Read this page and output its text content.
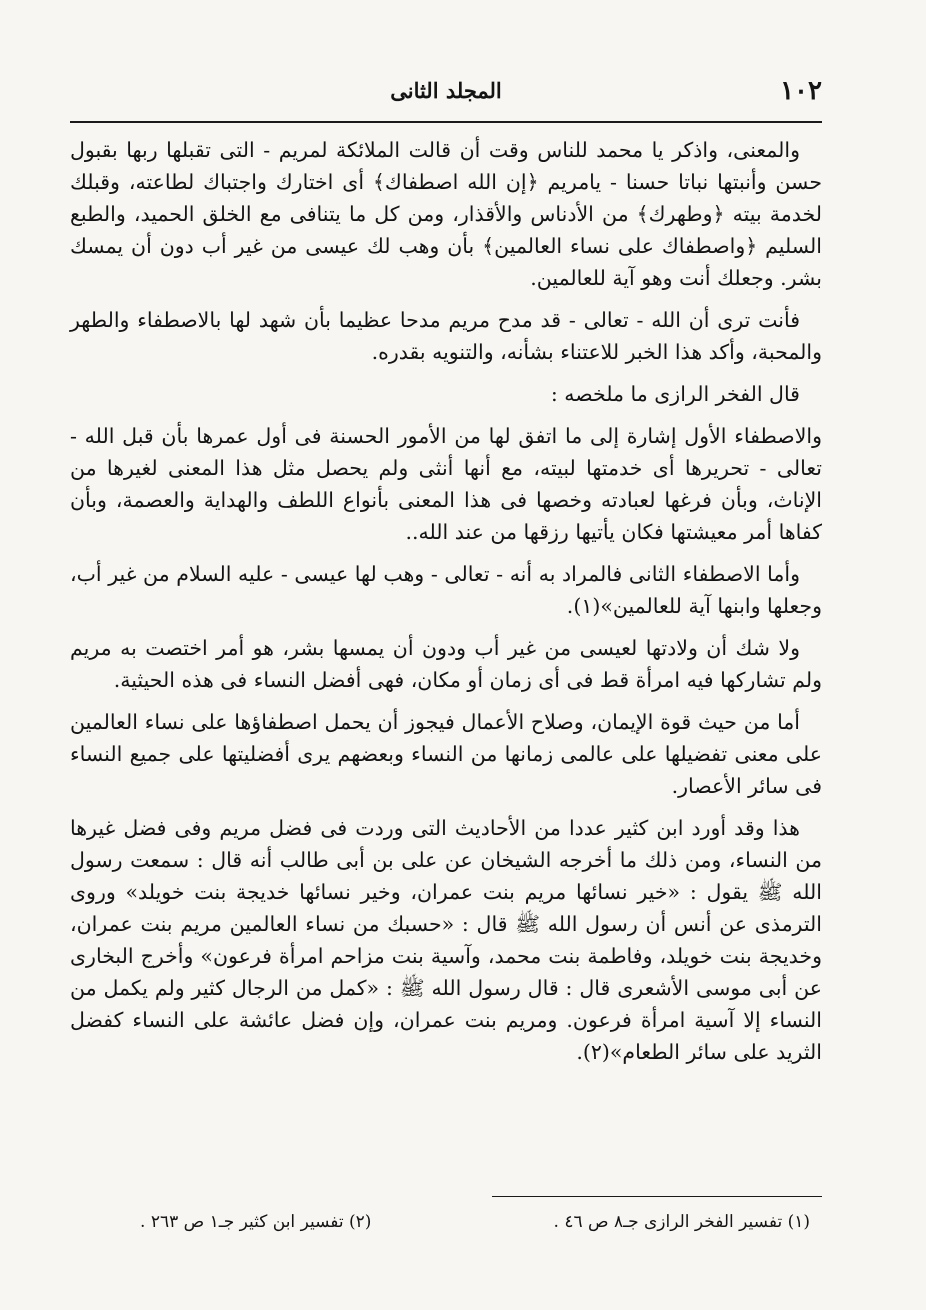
١٠٢
المجلد الثانى

والمعنى، واذكر يا محمد للناس وقت أن قالت الملائكة لمريم - التى تقبلها ربها بقبول حسن وأنبتها نباتا حسنا - يامريم ﴿إن الله اصطفاك﴾ أى اختارك واجتباك لطاعته، وقبلك لخدمة بيته ﴿وطهرك﴾ من الأدناس والأقذار، ومن كل ما يتنافى مع الخلق الحميد، والطبع السليم ﴿واصطفاك على نساء العالمين﴾ بأن وهب لك عيسى من غير أب دون أن يمسك بشر. وجعلك أنت وهو آية للعالمين.

فأنت ترى أن الله - تعالى - قد مدح مريم مدحا عظيما بأن شهد لها بالاصطفاء والطهر والمحبة، وأكد هذا الخبر للاعتناء بشأنه، والتنويه بقدره.

قال الفخر الرازى ما ملخصه :

والاصطفاء الأول إشارة إلى ما اتفق لها من الأمور الحسنة فى أول عمرها بأن قبل الله - تعالى - تحريرها أى خدمتها لبيته، مع أنها أنثى ولم يحصل مثل هذا المعنى لغيرها من الإناث، وبأن فرغها لعبادته وخصها فى هذا المعنى بأنواع اللطف والهداية والعصمة، وبأن كفاها أمر معيشتها فكان يأتيها رزقها من عند الله..

وأما الاصطفاء الثانى فالمراد به أنه - تعالى - وهب لها عيسى - عليه السلام من غير أب، وجعلها وابنها آية للعالمين»(١).

ولا شك أن ولادتها لعيسى من غير أب ودون أن يمسها بشر، هو أمر اختصت به مريم ولم تشاركها فيه امرأة قط فى أى زمان أو مكان، فهى أفضل النساء فى هذه الحيثية.

أما من حيث قوة الإيمان، وصلاح الأعمال فيجوز أن يحمل اصطفاؤها على نساء العالمين على معنى تفضيلها على عالمى زمانها من النساء وبعضهم يرى أفضليتها على جميع النساء فى سائر الأعصار.

هذا وقد أورد ابن كثير عددا من الأحاديث التى وردت فى فضل مريم وفى فضل غيرها من النساء، ومن ذلك ما أخرجه الشيخان عن على بن أبى طالب أنه قال : سمعت رسول الله ﷺ يقول : «خير نسائها مريم بنت عمران، وخير نسائها خديجة بنت خويلد» وروى الترمذى عن أنس أن رسول الله ﷺ قال : «حسبك من نساء العالمين مريم بنت عمران، وخديجة بنت خويلد، وفاطمة بنت محمد، وآسية بنت مزاحم امرأة فرعون» وأخرج البخارى عن أبى موسى الأشعرى قال : قال رسول الله ﷺ : «كمل من الرجال كثير ولم يكمل من النساء إلا آسية امرأة فرعون. ومريم بنت عمران، وإن فضل عائشة على النساء كفضل الثريد على سائر الطعام»(٢).

(١) تفسير الفخر الرازى جـ٨ ص ٤٦ .
(٢) تفسير ابن كثير جـ١ ص ٢٦٣ .
